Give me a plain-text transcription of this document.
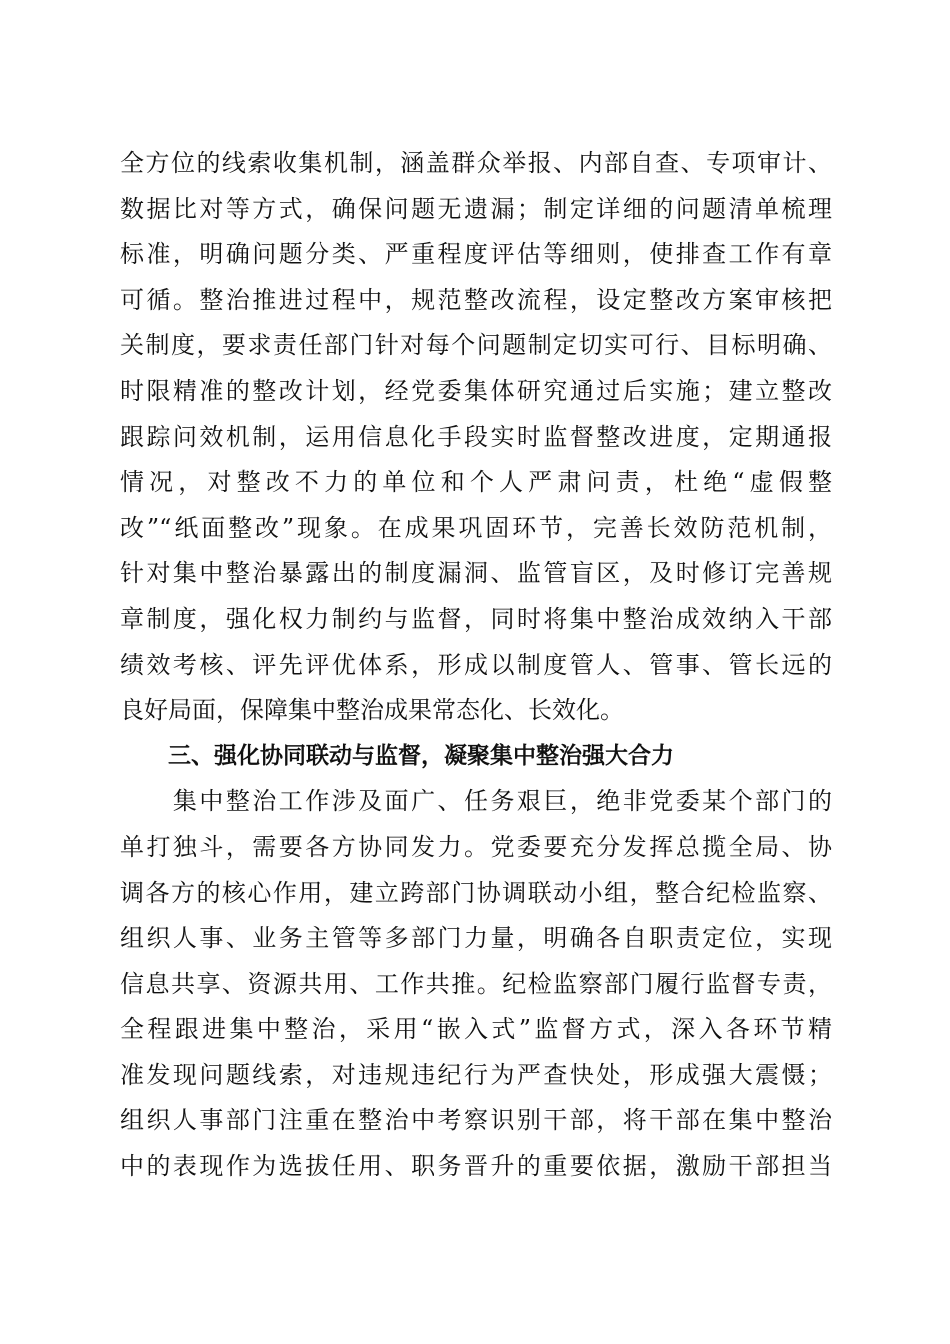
全方位的线索收集机制，涵盖群众举报、内部自查、专项审计、
数据比对等方式，确保问题无遗漏；制定详细的问题清单梳理
标准，明确问题分类、严重程度评估等细则，使排查工作有章
可循。整治推进过程中，规范整改流程，设定整改方案审核把
关制度，要求责任部门针对每个问题制定切实可行、目标明确、
时限精准的整改计划，经党委集体研究通过后实施；建立整改
跟踪问效机制，运用信息化手段实时监督整改进度，定期通报
情况，对整改不力的单位和个人严肃问责，杜绝“虚假整
改”“纸面整改”现象。在成果巩固环节，完善长效防范机制，
针对集中整治暴露出的制度漏洞、监管盲区，及时修订完善规
章制度，强化权力制约与监督，同时将集中整治成效纳入干部
绩效考核、评先评优体系，形成以制度管人、管事、管长远的
良好局面，保障集中整治成果常态化、长效化。
三、强化协同联动与监督，凝聚集中整治强大合力
　　集中整治工作涉及面广、任务艰巨，绝非党委某个部门的
单打独斗，需要各方协同发力。党委要充分发挥总揽全局、协
调各方的核心作用，建立跨部门协调联动小组，整合纪检监察、
组织人事、业务主管等多部门力量，明确各自职责定位，实现
信息共享、资源共用、工作共推。纪检监察部门履行监督专责，
全程跟进集中整治，采用“嵌入式”监督方式，深入各环节精
准发现问题线索，对违规违纪行为严查快处，形成强大震慑；
组织人事部门注重在整治中考察识别干部，将干部在集中整治
中的表现作为选拔任用、职务晋升的重要依据，激励干部担当
